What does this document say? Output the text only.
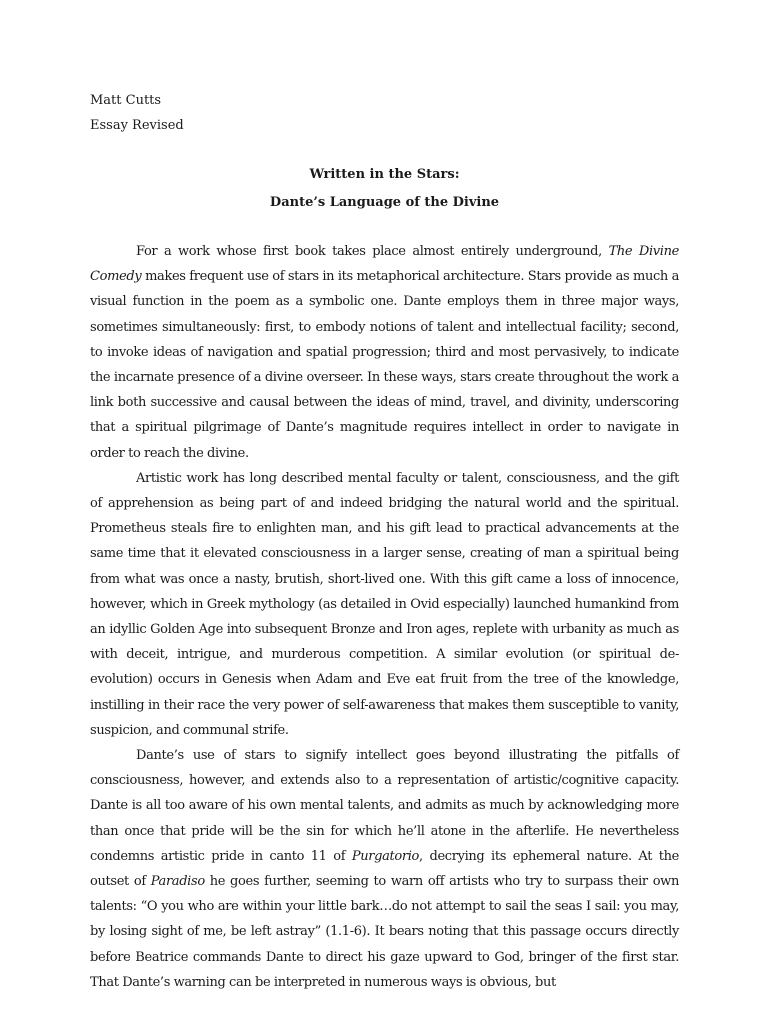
Matt Cutts

Essay Revised

Written in the Stars:

Dante’s Language of the Divine

For a work whose first book takes place almost entirely underground, The Divine Comedy makes frequent use of stars in its metaphorical architecture. Stars provide as much a visual function in the poem as a symbolic one. Dante employs them in three major ways, sometimes simultaneously: first, to embody notions of talent and intellectual facility; second, to invoke ideas of navigation and spatial progression; third and most pervasively, to indicate the incarnate presence of a divine overseer. In these ways, stars create throughout the work a link both successive and causal between the ideas of mind, travel, and divinity, underscoring that a spiritual pilgrimage of Dante’s magnitude requires intellect in order to navigate in order to reach the divine.

Artistic work has long described mental faculty or talent, consciousness, and the gift of apprehension as being part of and indeed bridging the natural world and the spiritual. Prometheus steals fire to enlighten man, and his gift lead to practical advancements at the same time that it elevated consciousness in a larger sense, creating of man a spiritual being from what was once a nasty, brutish, short-lived one. With this gift came a loss of innocence, however, which in Greek mythology (as detailed in Ovid especially) launched humankind from an idyllic Golden Age into subsequent Bronze and Iron ages, replete with urbanity as much as with deceit, intrigue, and murderous competition. A similar evolution (or spiritual de-evolution) occurs in Genesis when Adam and Eve eat fruit from the tree of the knowledge, instilling in their race the very power of self-awareness that makes them susceptible to vanity, suspicion, and communal strife.

Dante’s use of stars to signify intellect goes beyond illustrating the pitfalls of consciousness, however, and extends also to a representation of artistic/cognitive capacity. Dante is all too aware of his own mental talents, and admits as much by acknowledging more than once that pride will be the sin for which he’ll atone in the afterlife. He nevertheless condemns artistic pride in canto 11 of Purgatorio, decrying its ephemeral nature. At the outset of Paradiso he goes further, seeming to warn off artists who try to surpass their own talents: “O you who are within your little bark…do not attempt to sail the seas I sail: you may, by losing sight of me, be left astray” (1.1-6). It bears noting that this passage occurs directly before Beatrice commands Dante to direct his gaze upward to God, bringer of the first star. That Dante’s warning can be interpreted in numerous ways is obvious, but
